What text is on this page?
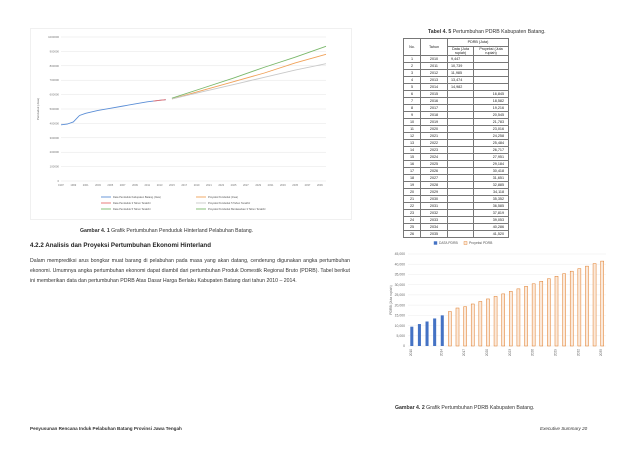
0
100000
200000
300000
400000
500000
600000
700000
800000
900000
1000000
1997	1999	2001	2003	2005	2007	2009	2011	2013	2015	2017	2019	2021	2023	2025	2027	2029	2031	2033	2035	2037	2039
Penduduk (Jiwa)
Data Penduduk Kabupaten Batang (Jiwa)	Proyeksi Penduduk (Jiwa)
Data Penduduk 3 Tahun Terakhir	Proyeksi Penduduk 5 Tahun Terakhir
Data Penduduk 5 Tahun Terakhir	Proyeksi Penduduk Berdasarkan 3 Tahun Terakhir
Gambar 4. 1 Grafik Pertumbuhan Penduduk Hinterland Pelabuhan Batang.
4.2.2 Analisis dan Proyeksi Pertumbuhan Ekonomi Hinterland
Dalam memprediksi arus bongkar muat barang di pelabuhan pada masa yang akan datang, cenderung digunakan angka pertumbuhan ekonomi. Umumnya angka pertumbuhan ekonomi dapat diambil dari pertumbuhan Produk Domestik Regional Bruto (PDRB). Tabel berikut ini memberikan data dan pertumbuhan PDRB Atas Dasar Harga Berlaku Kabupaten Batang dari tahun 2010 – 2014.
Tabel 4. 5 Pertumbuhan PDRB Kabupaten Batang.
No.	Tahun	PDRB (Juta)	
		Data (Juta rupiah)	Proyeksi (Juta rupiah)

1	2010	9,447	
2	2011	10,739	
3	2012	11,985	
4	2013	13,474	
5	2014	14,982	
6	2015		16,845
7	2016		18,582
8	2017		19,216
9	2018		20,545
10	2019		21,783
11	2020		23,016
12	2021		24,258
13	2022		25,484
14	2023		26,717
15	2024		27,951
16	2025		29,184
17	2026		30,418
18	2027		31,651
19	2028		32,885
20	2029		34,118
21	2030		35,352
22	2031		36,585
23	2032		37,819
24	2033		39,053
25	2034		40,286
26	2035		41,520
0
5,000
10,000
15,000
20,000
25,000
30,000
35,000
40,000
45,000
PDRB (Juta rupiah)
2010	2014	2017	2020	2023	2026	2029	2032	2035
DATA PDRB	Proyeksi PDRB
Gambar 4. 2 Grafik Pertumbuhan PDRB Kabupaten Batang.
Penyusunan Rencana Induk Pelabuhan Batang Provinsi Jawa Tengah	Executive Summary 20
